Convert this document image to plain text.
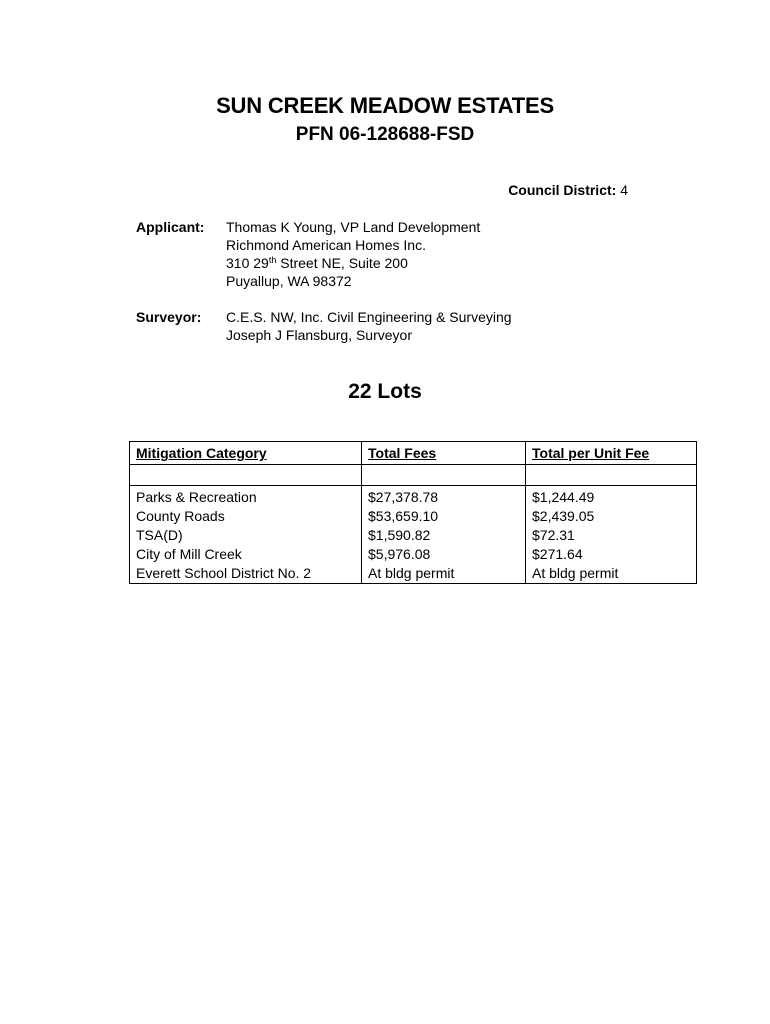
SUN CREEK MEADOW ESTATES
PFN 06-128688-FSD
Council District: 4
Applicant:	Thomas K Young, VP Land Development
Richmond American Homes Inc.
310 29th Street NE, Suite 200
Puyallup, WA 98372
Surveyor:	C.E.S. NW, Inc. Civil Engineering & Surveying
Joseph J Flansburg, Surveyor
22 Lots
Mitigation Category	Total Fees	Total per Unit Fee

Parks & Recreation	$27,378.78	$1,244.49
County Roads	$53,659.10	$2,439.05
TSA(D)	$1,590.82	$72.31
City of Mill Creek	$5,976.08	$271.64
Everett School District No. 2	At bldg permit	At bldg permit
